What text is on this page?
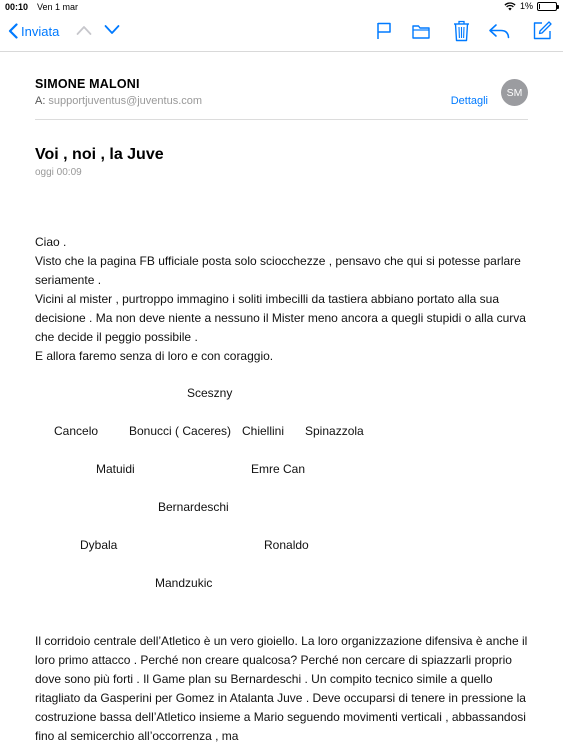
00:10 Ven 1 mar	1%
Inviata
SIMONE MALONI
A: supportjuventus@juventus.com	Dettagli
SM
Voi , noi , la Juve
oggi 00:09

Ciao .

Visto che la pagina FB ufficiale posta solo sciocchezze , pensavo che qui si potesse parlare seriamente .

Vicini al mister , purtroppo immagino i soliti imbecilli da tastiera abbiano portato alla sua decisione . Ma non deve niente a nessuno il Mister meno ancora a quegli stupidi o alla curva che decide il peggio possibile .

E allora faremo senza di loro e con coraggio.

Sceszny
Cancelo	Bonucci ( Caceres) Chiellini Spinazzola
Matuidi	Emre Can
Bernardeschi
Dybala	Ronaldo
Mandzukic
Il corridoio centrale dell’Atletico è un vero gioiello. La loro organizzazione difensiva è anche il loro primo attacco . Perché non creare qualcosa? Perché non cercare di spiazzarli proprio dove sono più forti . Il Game plan su Bernardeschi . Un compito tecnico simile a quello ritagliato da Gasperini per Gomez in Atalanta Juve . Deve occuparsi di tenere in pressione la costruzione bassa dell’Atletico insieme a Mario seguendo movimenti verticali , abbassandosi fino al semicerchio all’occorrenza , ma
